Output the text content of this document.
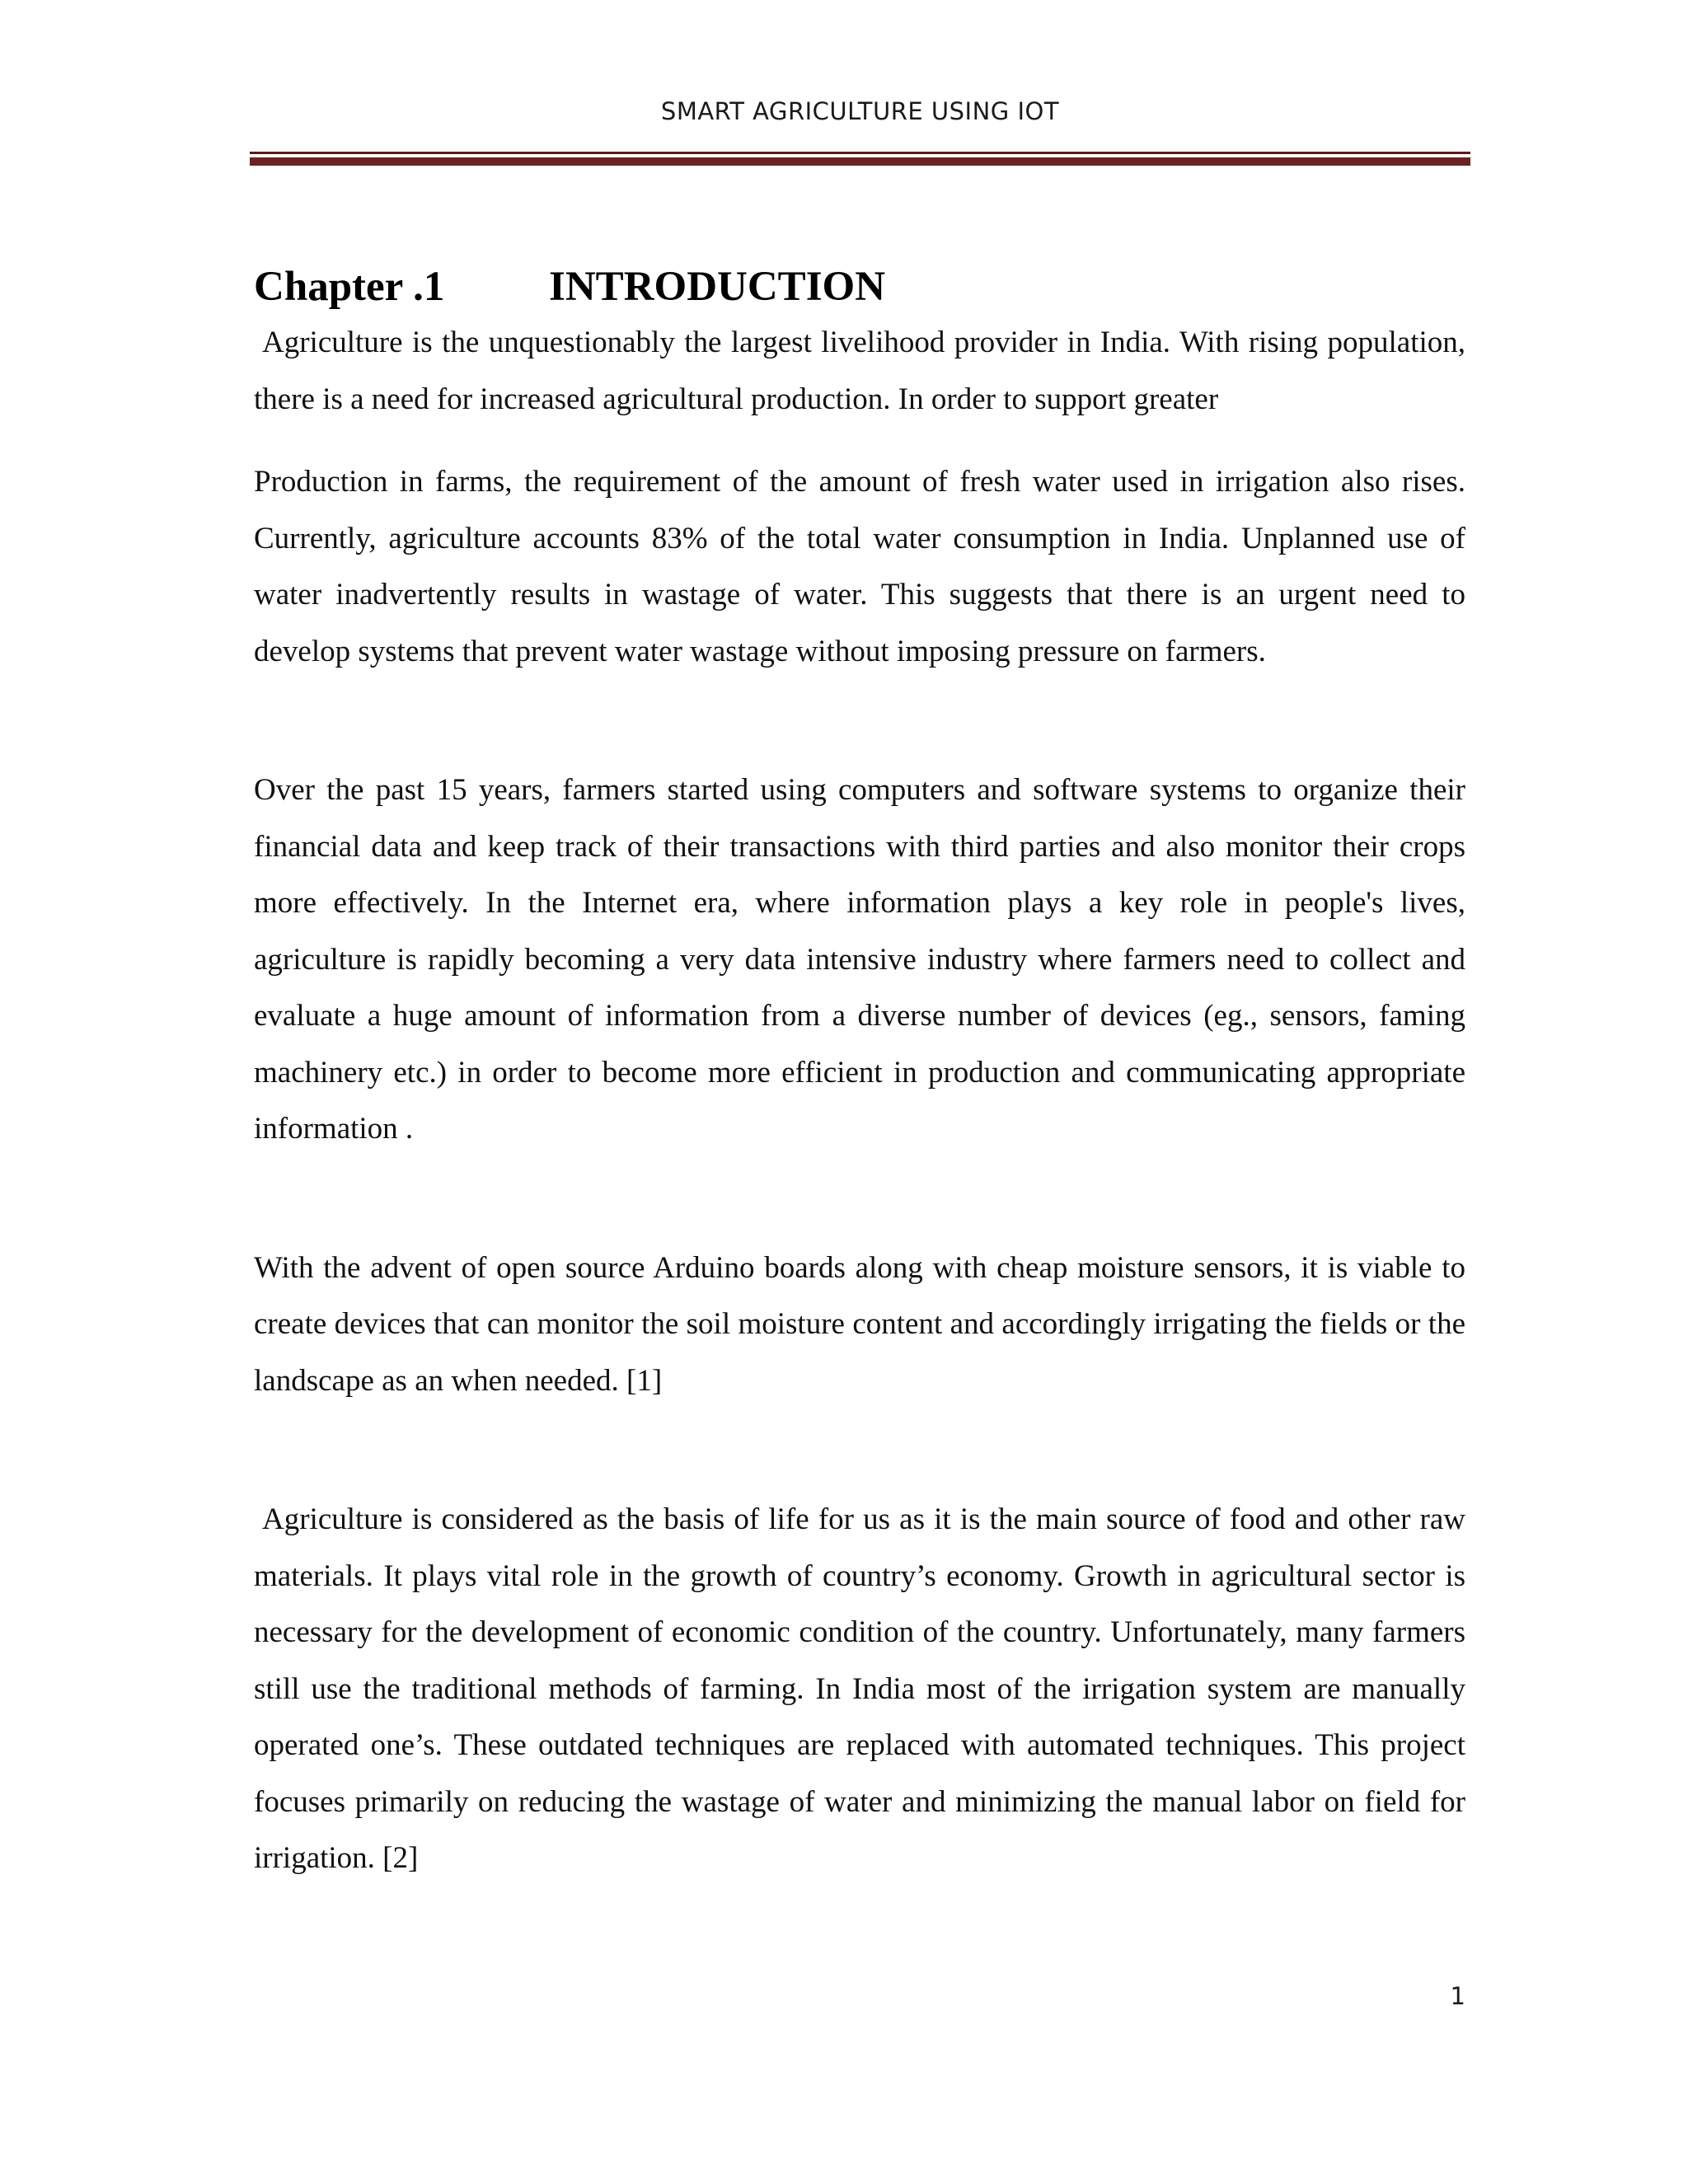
SMART AGRICULTURE USING IOT
Chapter .1 INTRODUCTION

Agriculture is the unquestionably the largest livelihood provider in India. With rising population, there is a need for increased agricultural production. In order to support greater

Production in farms, the requirement of the amount of fresh water used in irrigation also rises. Currently, agriculture accounts 83% of the total water consumption in India. Unplanned use of water inadvertently results in wastage of water. This suggests that there is an urgent need to develop systems that prevent water wastage without imposing pressure on farmers.

Over the past 15 years, farmers started using computers and software systems to organize their financial data and keep track of their transactions with third parties and also monitor their crops more effectively. In the Internet era, where information plays a key role in people's lives, agriculture is rapidly becoming a very data intensive industry where farmers need to collect and evaluate a huge amount of information from a diverse number of devices (eg., sensors, faming machinery etc.) in order to become more efficient in production and communicating appropriate information .

With the advent of open source Arduino boards along with cheap moisture sensors, it is viable to create devices that can monitor the soil moisture content and accordingly irrigating the fields or the landscape as an when needed. [1]

Agriculture is considered as the basis of life for us as it is the main source of food and other raw materials. It plays vital role in the growth of country’s economy. Growth in agricultural sector is necessary for the development of economic condition of the country. Unfortunately, many farmers still use the traditional methods of farming. In India most of the irrigation system are manually operated one’s. These outdated techniques are replaced with automated techniques. This project focuses primarily on reducing the wastage of water and minimizing the manual labor on field for irrigation. [2]

1
